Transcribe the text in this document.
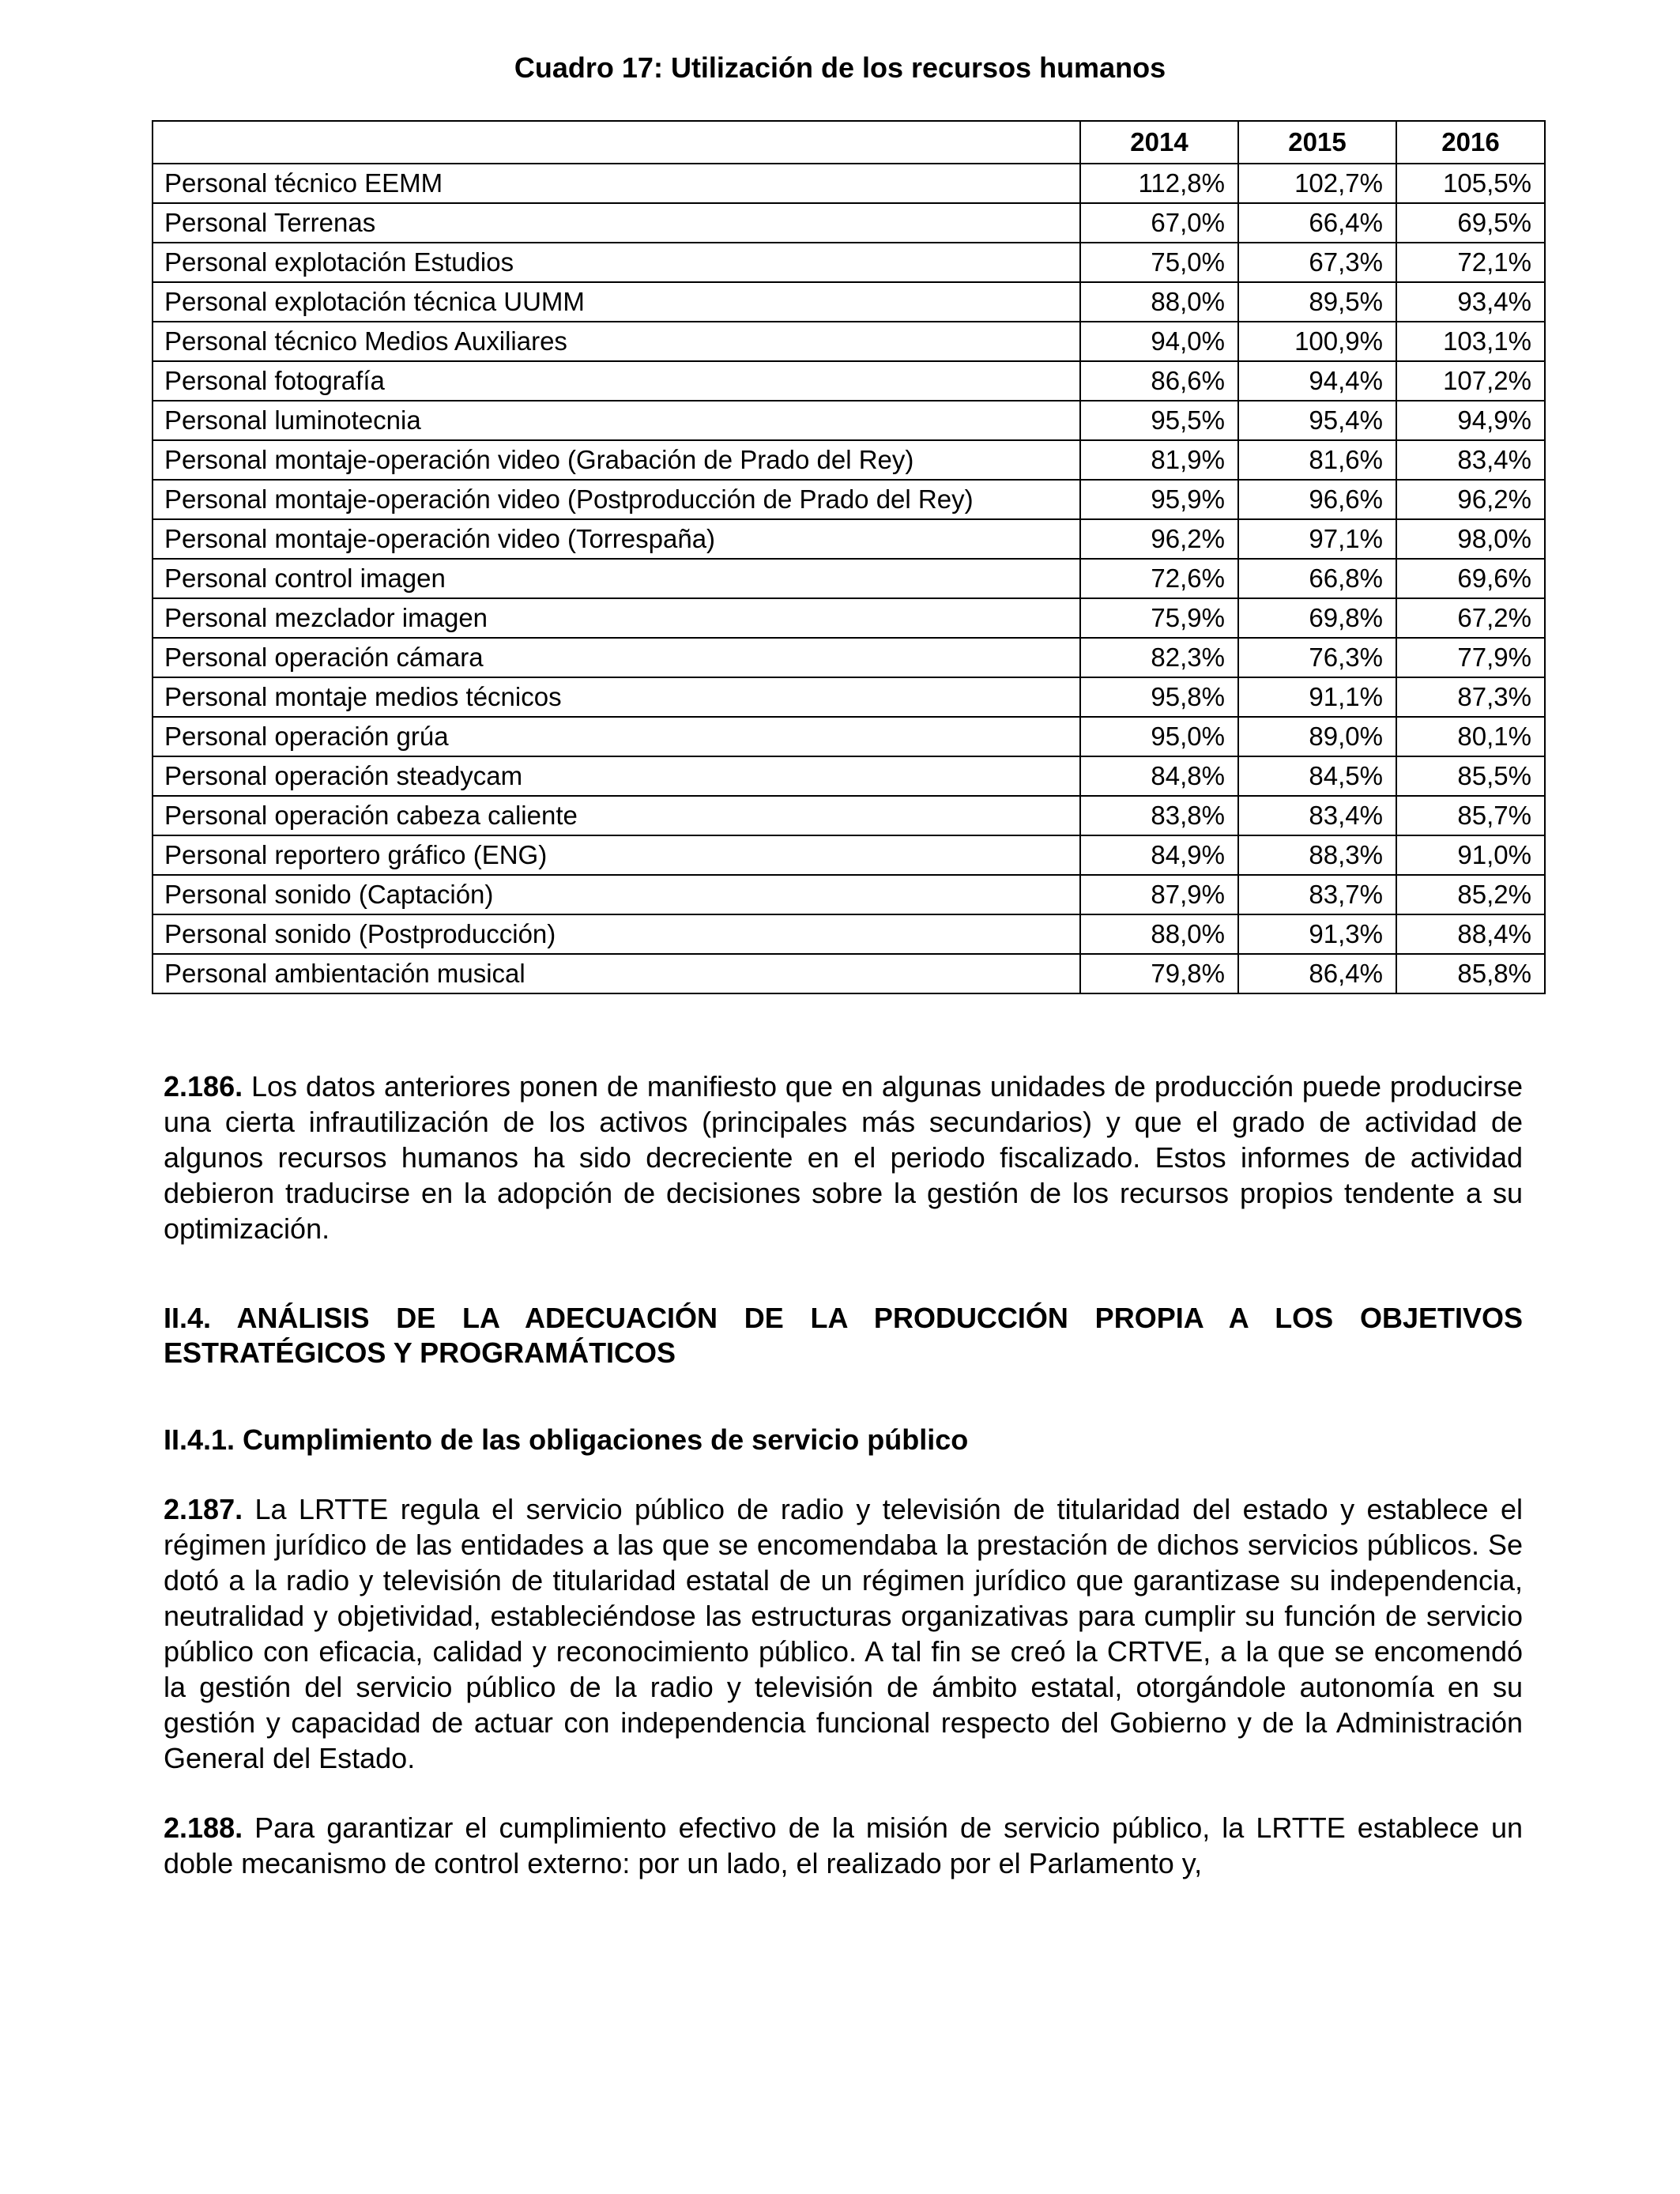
Cuadro 17: Utilización de los recursos humanos
	2014	2015	2016
Personal técnico EEMM	112,8%	102,7%	105,5%
Personal Terrenas	67,0%	66,4%	69,5%
Personal explotación Estudios	75,0%	67,3%	72,1%
Personal explotación técnica UUMM	88,0%	89,5%	93,4%
Personal técnico Medios Auxiliares	94,0%	100,9%	103,1%
Personal fotografía	86,6%	94,4%	107,2%
Personal luminotecnia	95,5%	95,4%	94,9%
Personal montaje-operación video (Grabación de Prado del Rey)	81,9%	81,6%	83,4%
Personal montaje-operación video (Postproducción de Prado del Rey)	95,9%	96,6%	96,2%
Personal montaje-operación video (Torrespaña)	96,2%	97,1%	98,0%
Personal control imagen	72,6%	66,8%	69,6%
Personal mezclador imagen	75,9%	69,8%	67,2%
Personal operación cámara	82,3%	76,3%	77,9%
Personal montaje medios técnicos	95,8%	91,1%	87,3%
Personal operación grúa	95,0%	89,0%	80,1%
Personal operación steadycam	84,8%	84,5%	85,5%
Personal operación cabeza caliente	83,8%	83,4%	85,7%
Personal reportero gráfico (ENG)	84,9%	88,3%	91,0%
Personal sonido (Captación)	87,9%	83,7%	85,2%
Personal sonido (Postproducción)	88,0%	91,3%	88,4%
Personal ambientación musical	79,8%	86,4%	85,8%
2.186. Los datos anteriores ponen de manifiesto que en algunas unidades de producción puede producirse una cierta infrautilización de los activos (principales más secundarios) y que el grado de actividad de algunos recursos humanos ha sido decreciente en el periodo fiscalizado. Estos informes de actividad debieron traducirse en la adopción de decisiones sobre la gestión de los recursos propios tendente a su optimización.
II.4. ANÁLISIS DE LA ADECUACIÓN DE LA PRODUCCIÓN PROPIA A LOS OBJETIVOS ESTRATÉGICOS Y PROGRAMÁTICOS
II.4.1. Cumplimiento de las obligaciones de servicio público
2.187. La LRTTE regula el servicio público de radio y televisión de titularidad del estado y establece el régimen jurídico de las entidades a las que se encomendaba la prestación de dichos servicios públicos. Se dotó a la radio y televisión de titularidad estatal de un régimen jurídico que garantizase su independencia, neutralidad y objetividad, estableciéndose las estructuras organizativas para cumplir su función de servicio público con eficacia, calidad y reconocimiento público. A tal fin se creó la CRTVE, a la que se encomendó la gestión del servicio público de la radio y televisión de ámbito estatal, otorgándole autonomía en su gestión y capacidad de actuar con independencia funcional respecto del Gobierno y de la Administración General del Estado.
2.188. Para garantizar el cumplimiento efectivo de la misión de servicio público, la LRTTE establece un doble mecanismo de control externo: por un lado, el realizado por el Parlamento y,
